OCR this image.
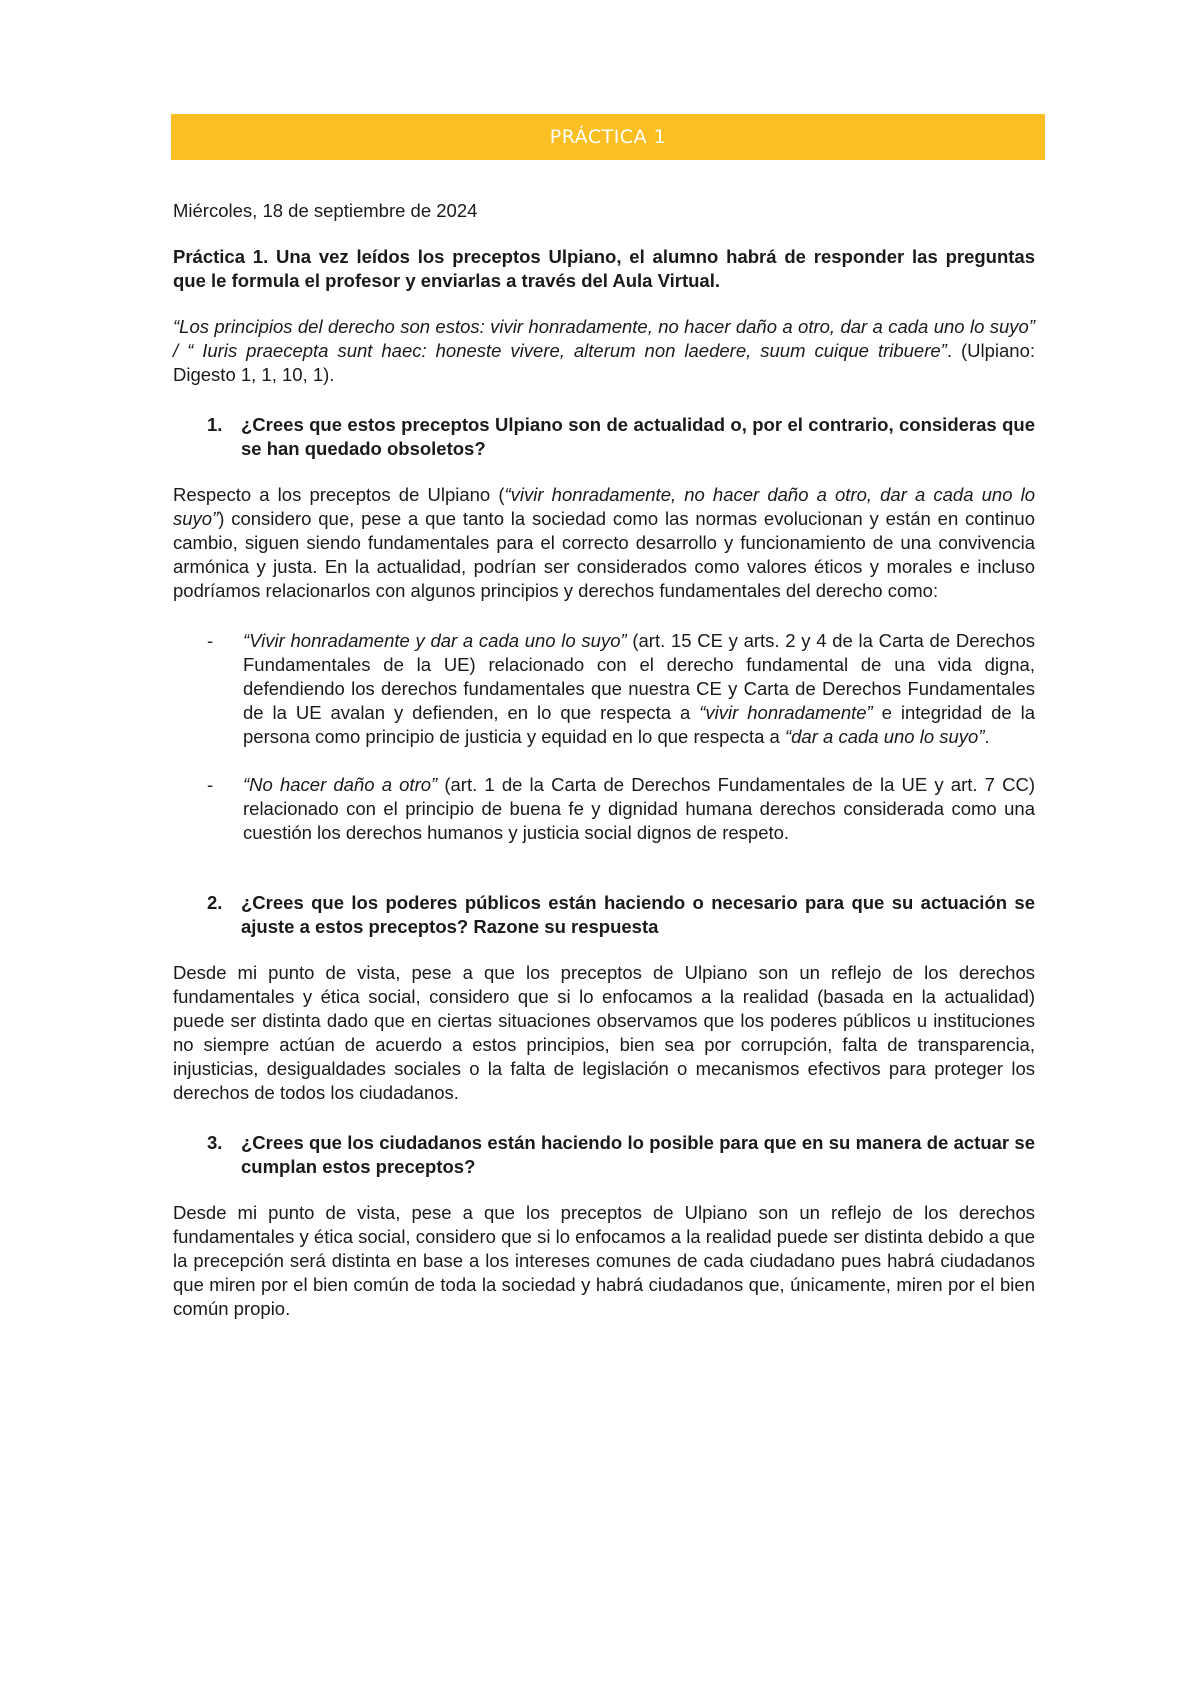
PRÁCTICA 1

Miércoles, 18 de septiembre de 2024

Práctica 1. Una vez leídos los preceptos Ulpiano, el alumno habrá de responder las preguntas que le formula el profesor y enviarlas a través del Aula Virtual.

“Los principios del derecho son estos: vivir honradamente, no hacer daño a otro, dar a cada uno lo suyo” / “ Iuris praecepta sunt haec: honeste vivere, alterum non laedere, suum cuique tribuere”. (Ulpiano: Digesto 1, 1, 10, 1).

1.	¿Crees que estos preceptos Ulpiano son de actualidad o, por el contrario, consideras que se han quedado obsoletos?

Respecto a los preceptos de Ulpiano (“vivir honradamente, no hacer daño a otro, dar a cada uno lo suyo”) considero que, pese a que tanto la sociedad como las normas evolucionan y están en continuo cambio, siguen siendo fundamentales para el correcto desarrollo y funcionamiento de una convivencia armónica y justa. En la actualidad, podrían ser considerados como valores éticos y morales e incluso podríamos relacionarlos con algunos principios y derechos fundamentales del derecho como:

-	“Vivir honradamente y dar a cada uno lo suyo” (art. 15 CE y arts. 2 y 4 de la Carta de Derechos Fundamentales de la UE) relacionado con el derecho fundamental de una vida digna, defendiendo los derechos fundamentales que nuestra CE y Carta de Derechos Fundamentales de la UE avalan y defienden, en lo que respecta a “vivir honradamente” e integridad de la persona como principio de justicia y equidad en lo que respecta a “dar a cada uno lo suyo”.
-	“No hacer daño a otro” (art. 1 de la Carta de Derechos Fundamentales de la UE y art. 7 CC) relacionado con el principio de buena fe y dignidad humana derechos considerada como una cuestión los derechos humanos y justicia social dignos de respeto.
2.	¿Crees que los poderes públicos están haciendo o necesario para que su actuación se ajuste a estos preceptos? Razone su respuesta

Desde mi punto de vista, pese a que los preceptos de Ulpiano son un reflejo de los derechos fundamentales y ética social, considero que si lo enfocamos a la realidad (basada en la actualidad) puede ser distinta dado que en ciertas situaciones observamos que los poderes públicos u instituciones no siempre actúan de acuerdo a estos principios, bien sea por corrupción, falta de transparencia, injusticias, desigualdades sociales o la falta de legislación o mecanismos efectivos para proteger los derechos de todos los ciudadanos.

3.	¿Crees que los ciudadanos están haciendo lo posible para que en su manera de actuar se cumplan estos preceptos?

Desde mi punto de vista, pese a que los preceptos de Ulpiano son un reflejo de los derechos fundamentales y ética social, considero que si lo enfocamos a la realidad puede ser distinta debido a que la precepción será distinta en base a los intereses comunes de cada ciudadano pues habrá ciudadanos que miren por el bien común de toda la sociedad y habrá ciudadanos que, únicamente, miren por el bien común propio.
